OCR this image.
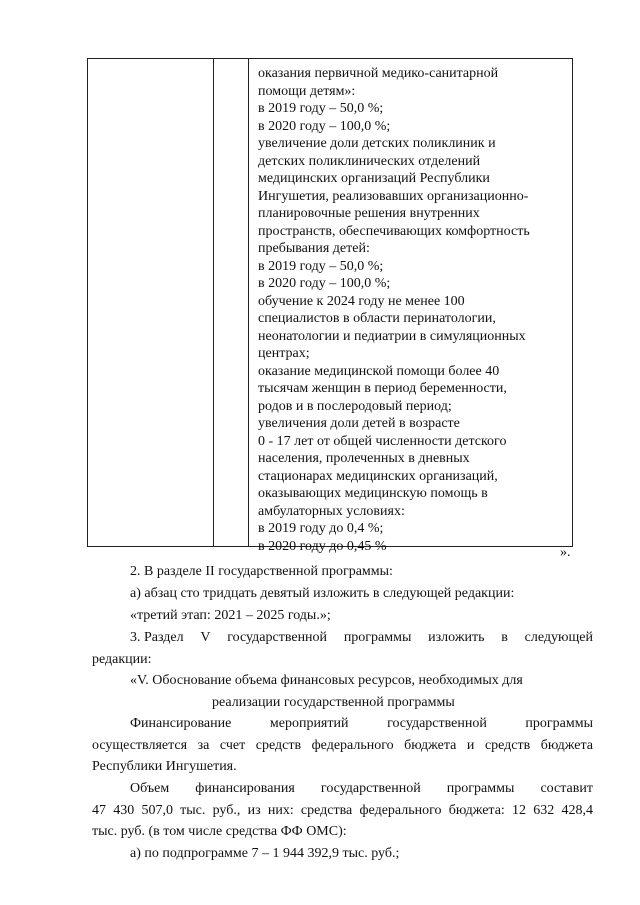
оказания первичной медико-санитарной
помощи детям»:
в 2019 году – 50,0 %;
в 2020 году – 100,0 %;
увеличение доли детских поликлиник и
детских поликлинических отделений
медицинских организаций Республики
Ингушетия, реализовавших организационно-
планировочные решения внутренних
пространств, обеспечивающих комфортность
пребывания детей:
в 2019 году – 50,0 %;
в 2020 году – 100,0 %;
обучение к 2024 году не менее 100
специалистов в области перинатологии,
неонатологии и педиатрии в симуляционных
центрах;
оказание медицинской помощи более 40
тысячам женщин в период беременности,
родов и в послеродовый период;
увеличения доли детей в возрасте
0 - 17 лет от общей численности детского
населения, пролеченных в дневных
стационарах медицинских организаций,
оказывающих медицинскую помощь в
амбулаторных условиях:
в 2019 году до 0,4 %;
в 2020 году до 0,45 %	».
2. В разделе II государственной программы:
а) абзац сто тридцать девятый изложить в следующей редакции:
«третий этап: 2021 – 2025 годы.»;
3. Раздел V государственной программы изложить в следующей
редакции:
«V. Обоснование объема финансовых ресурсов, необходимых для
реализации государственной программы
Финансирование	мероприятий	государственной	программы
осуществляется за счет средств федерального бюджета и средств бюджета
Республики Ингушетия.
Объем финансирования государственной программы составит
47 430 507,0 тыс. руб., из них: средства федерального бюджета: 12 632 428,4
тыс. руб. (в том числе средства ФФ ОМС):
а) по подпрограмме 7 – 1 944 392,9 тыс. руб.;
